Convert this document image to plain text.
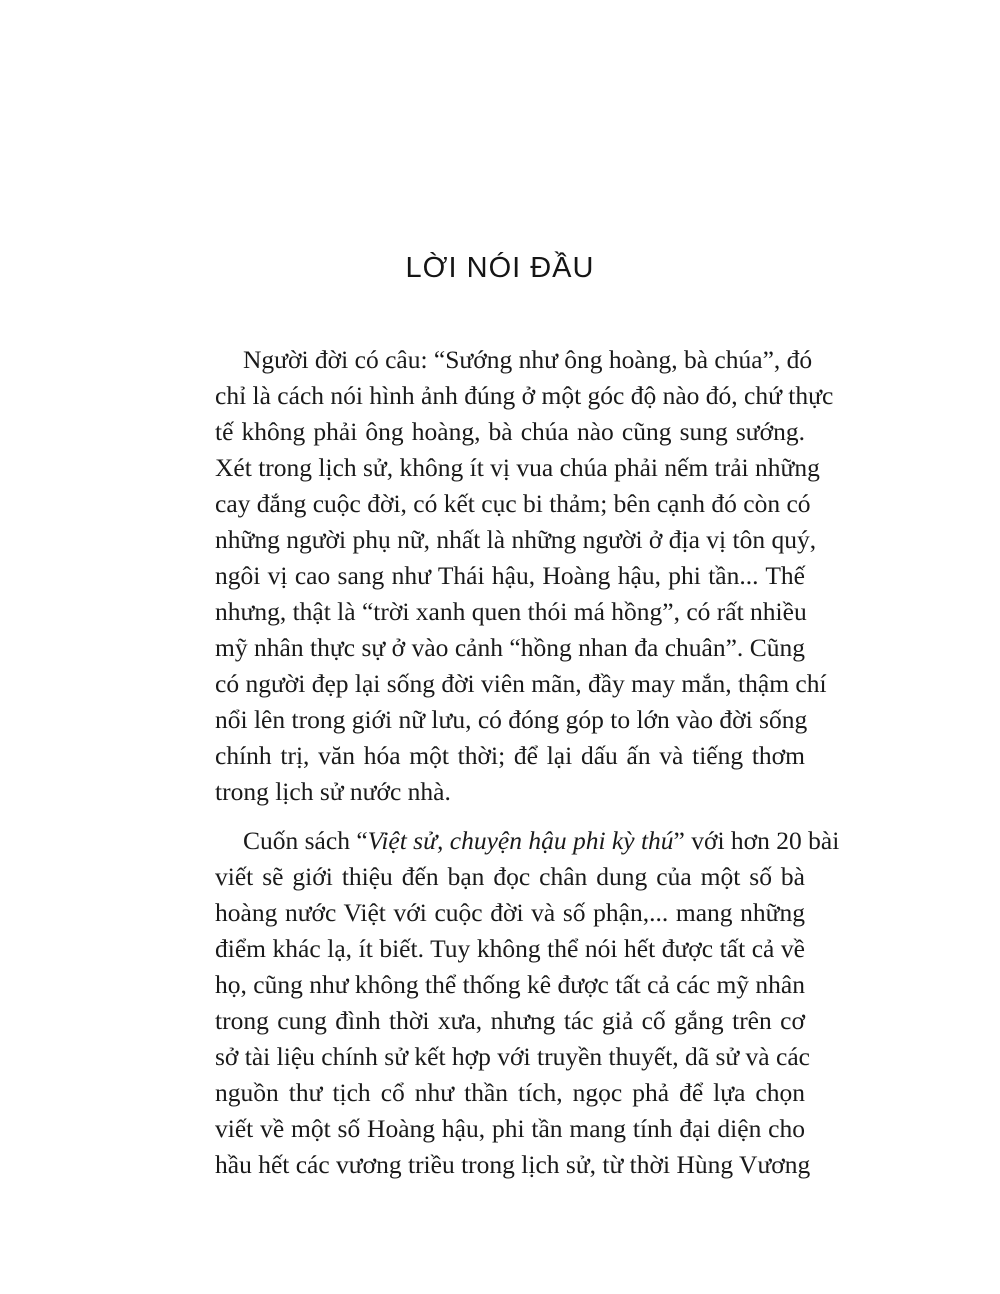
LỜI NÓI ĐẦU
Người đời có câu: “Sướng như ông hoàng, bà chúa”, đó
chỉ là cách nói hình ảnh đúng ở một góc độ nào đó, chứ thực
tế không phải ông hoàng, bà chúa nào cũng sung sướng.
Xét trong lịch sử, không ít vị vua chúa phải nếm trải những
cay đắng cuộc đời, có kết cục bi thảm; bên cạnh đó còn có
những người phụ nữ, nhất là những người ở địa vị tôn quý,
ngôi vị cao sang như Thái hậu, Hoàng hậu, phi tần... Thế
nhưng, thật là “trời xanh quen thói má hồng”, có rất nhiều
mỹ nhân thực sự ở vào cảnh “hồng nhan đa chuân”. Cũng
có người đẹp lại sống đời viên mãn, đầy may mắn, thậm chí
nổi lên trong giới nữ lưu, có đóng góp to lớn vào đời sống
chính trị, văn hóa một thời; để lại dấu ấn và tiếng thơm
trong lịch sử nước nhà.
Cuốn sách “Việt sử, chuyện hậu phi kỳ thú” với hơn 20 bài
viết sẽ giới thiệu đến bạn đọc chân dung của một số bà
hoàng nước Việt với cuộc đời và số phận,... mang những
điểm khác lạ, ít biết. Tuy không thể nói hết được tất cả về
họ, cũng như không thể thống kê được tất cả các mỹ nhân
trong cung đình thời xưa, nhưng tác giả cố gắng trên cơ
sở tài liệu chính sử kết hợp với truyền thuyết, dã sử và các
nguồn thư tịch cổ như thần tích, ngọc phả để lựa chọn
viết về một số Hoàng hậu, phi tần mang tính đại diện cho
hầu hết các vương triều trong lịch sử, từ thời Hùng Vương
